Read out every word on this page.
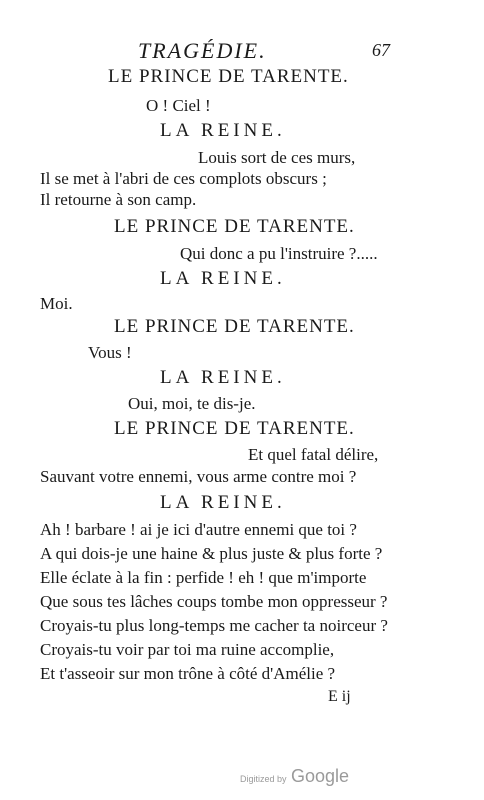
TRAGÉDIE.	67
LE PRINCE DE TARENTE.
O ! Ciel !
LA REINE.
Louis sort de ces murs,
Il se met à l'abri de ces complots obscurs ;
Il retourne à son camp.
LE PRINCE DE TARENTE.
Qui donc a pu l'instruire ?.....
LA REINE.
Moi.
LE PRINCE DE TARENTE.
Vous !
LA REINE.
Oui, moi, te dis-je.
LE PRINCE DE TARENTE.
Et quel fatal délire,
Sauvant votre ennemi, vous arme contre moi ?
LA REINE.
Ah ! barbare ! ai je ici d'autre ennemi que toi ?
A qui dois-je une haine & plus juste & plus forte ?
Elle éclate à la fin : perfide ! eh ! que m'importe
Que sous tes lâches coups tombe mon oppresseur ?
Croyais-tu plus long-temps me cacher ta noirceur ?
Croyais-tu voir par toi ma ruine accomplie,
Et t'asseoir sur mon trône à côté d'Amélie ?
E ij
Digitized by Google
